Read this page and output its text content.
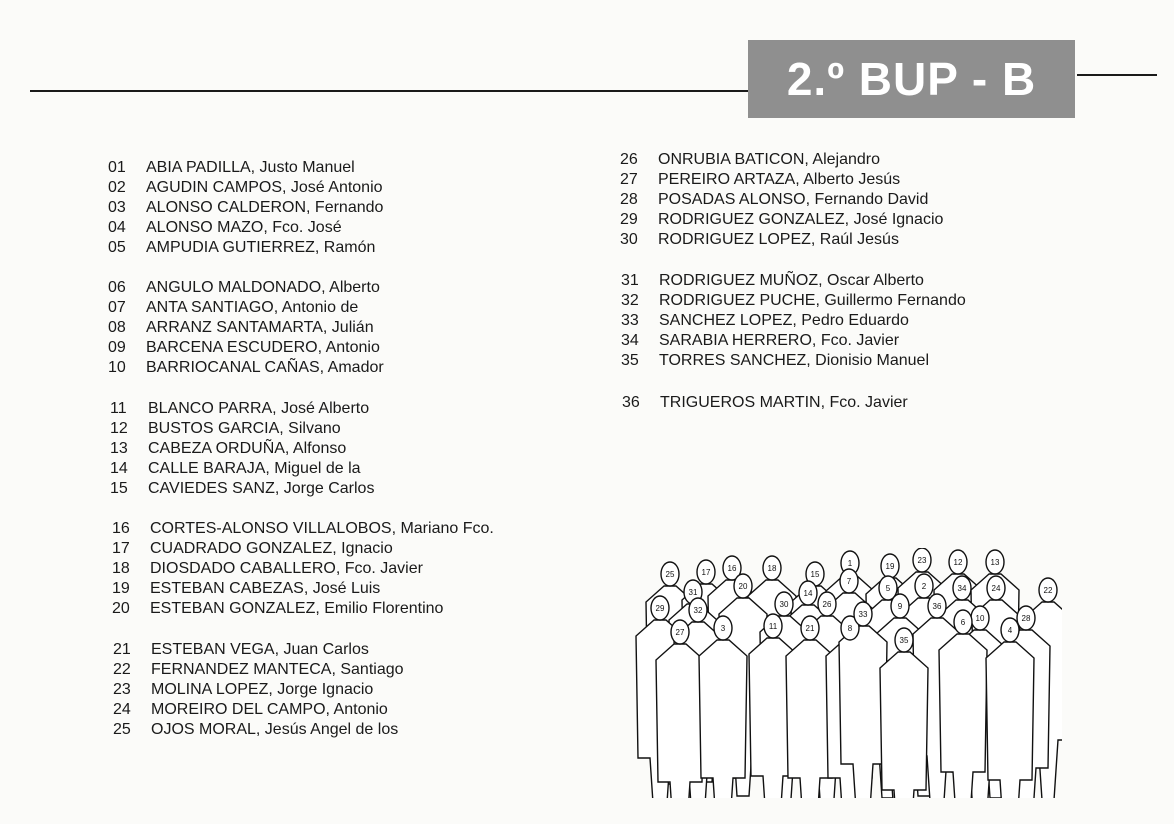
2.º BUP - B
01	ABIA PADILLA, Justo Manuel
02	AGUDIN CAMPOS, José Antonio
03	ALONSO CALDERON, Fernando
04	ALONSO MAZO, Fco. José
05	AMPUDIA GUTIERREZ, Ramón
06	ANGULO MALDONADO, Alberto
07	ANTA SANTIAGO, Antonio de
08	ARRANZ SANTAMARTA, Julián
09	BARCENA ESCUDERO, Antonio
10	BARRIOCANAL CAÑAS, Amador
11	BLANCO PARRA, José Alberto
12	BUSTOS GARCIA, Silvano
13	CABEZA ORDUÑA, Alfonso
14	CALLE BARAJA, Miguel de la
15	CAVIEDES SANZ, Jorge Carlos
16	CORTES-ALONSO VILLALOBOS, Mariano Fco.
17	CUADRADO GONZALEZ, Ignacio
18	DIOSDADO CABALLERO, Fco. Javier
19	ESTEBAN CABEZAS, José Luis
20	ESTEBAN GONZALEZ, Emilio Florentino
21	ESTEBAN VEGA, Juan Carlos
22	FERNANDEZ MANTECA, Santiago
23	MOLINA LOPEZ, Jorge Ignacio
24	MOREIRO DEL CAMPO, Antonio
25	OJOS MORAL, Jesús Angel de los
26	ONRUBIA BATICON, Alejandro
27	PEREIRO ARTAZA, Alberto Jesús
28	POSADAS ALONSO, Fernando David
29	RODRIGUEZ GONZALEZ, José Ignacio
30	RODRIGUEZ LOPEZ, Raúl Jesús
31	RODRIGUEZ MUÑOZ, Oscar Alberto
32	RODRIGUEZ PUCHE, Guillermo Fernando
33	SANCHEZ LOPEZ, Pedro Eduardo
34	SARABIA HERRERO, Fco. Javier
35	TORRES SANCHEZ, Dionisio Manuel
36	TRIGUEROS MARTIN, Fco. Javier
25	17 16	18
15
1	19
23	12	13
22
31
20
7
5	2	34	24
29	32
14
26
30	9	36
10	28
27	3	11	21	8
33
35
6
4
